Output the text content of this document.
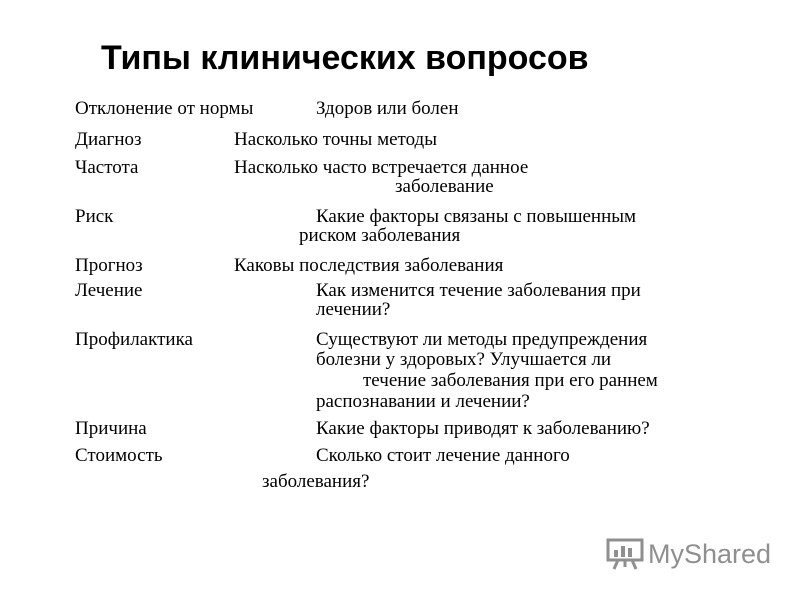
Типы клинических вопросов
Отклонение от нормы	Здоров или болен
Диагноз	Насколько точны методы
Частота	Насколько часто встречается данное
заболевание
Риск	Какие факторы связаны с повышенным
риском заболевания
Прогноз	Каковы последствия заболевания
Лечение	Как изменится течение заболевания при
лечении?
Профилактика	Существуют ли методы предупреждения
болезни у здоровых? Улучшается ли
течение заболевания при его раннем
распознавании и лечении?
Причина	Какие факторы приводят к заболеванию?
Стоимость	Сколько стоит лечение данного
заболевания?
MyShared
